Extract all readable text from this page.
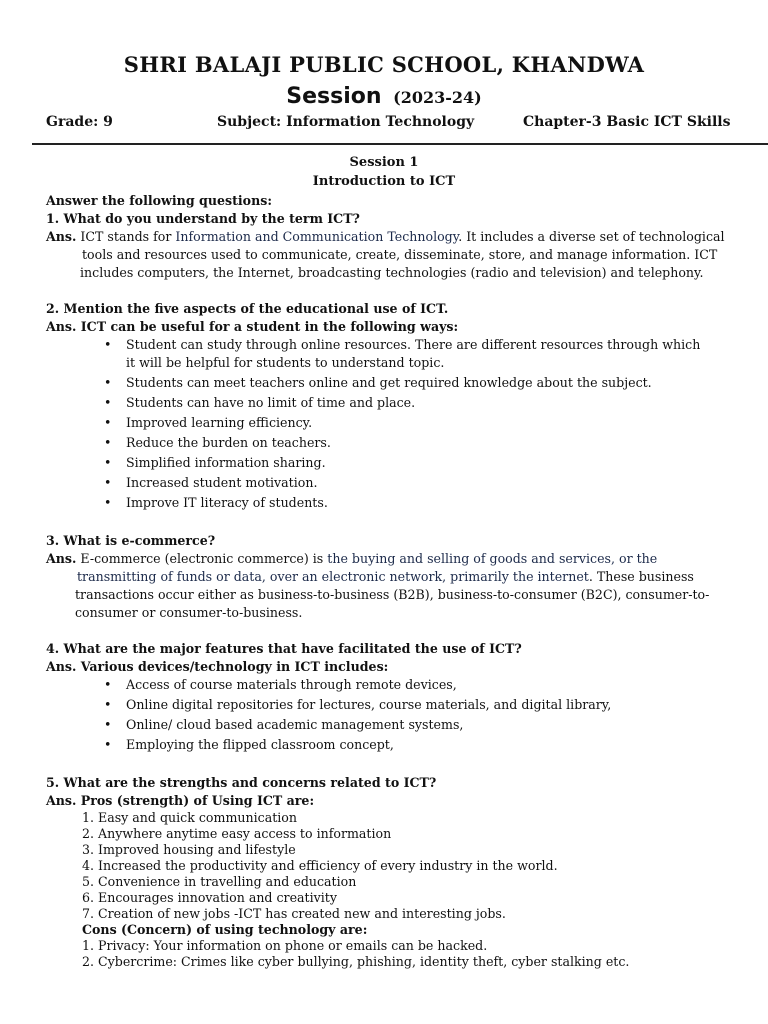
SHRI BALAJI PUBLIC SCHOOL, KHANDWA
Session (2023-24)
Grade: 9	Subject: Information Technology	Chapter-3 Basic ICT Skills
Session 1
Introduction to ICT
Answer the following questions:
1. What do you understand by the term ICT?
Ans. ICT stands for Information and Communication Technology. It includes a diverse set of technological
tools and resources used to communicate, create, disseminate, store, and manage information. ICT
includes computers, the Internet, broadcasting technologies (radio and television) and telephony.
2. Mention the five aspects of the educational use of ICT.
Ans. ICT can be useful for a student in the following ways:
• Student can study through online resources. There are different resources through which
it will be helpful for students to understand topic.
• Students can meet teachers online and get required knowledge about the subject.
• Students can have no limit of time and place.
• Improved learning efficiency.
• Reduce the burden on teachers.
• Simplified information sharing.
• Increased student motivation.
• Improve IT literacy of students.
3. What is e-commerce?
Ans. E-commerce (electronic commerce) is the buying and selling of goods and services, or the
transmitting of funds or data, over an electronic network, primarily the internet. These business
transactions occur either as business-to-business (B2B), business-to-consumer (B2C), consumer-to-
consumer or consumer-to-business.
4. What are the major features that have facilitated the use of ICT?
Ans. Various devices/technology in ICT includes:
• Access of course materials through remote devices,
• Online digital repositories for lectures, course materials, and digital library,
• Online/ cloud based academic management systems,
• Employing the flipped classroom concept,
5. What are the strengths and concerns related to ICT?
Ans. Pros (strength) of Using ICT are:
1. Easy and quick communication
2. Anywhere anytime easy access to information
3. Improved housing and lifestyle
4. Increased the productivity and efficiency of every industry in the world.
5. Convenience in travelling and education
6. Encourages innovation and creativity
7. Creation of new jobs -ICT has created new and interesting jobs.
Cons (Concern) of using technology are:
1. Privacy: Your information on phone or emails can be hacked.
2. Cybercrime: Crimes like cyber bullying, phishing, identity theft, cyber stalking etc.
